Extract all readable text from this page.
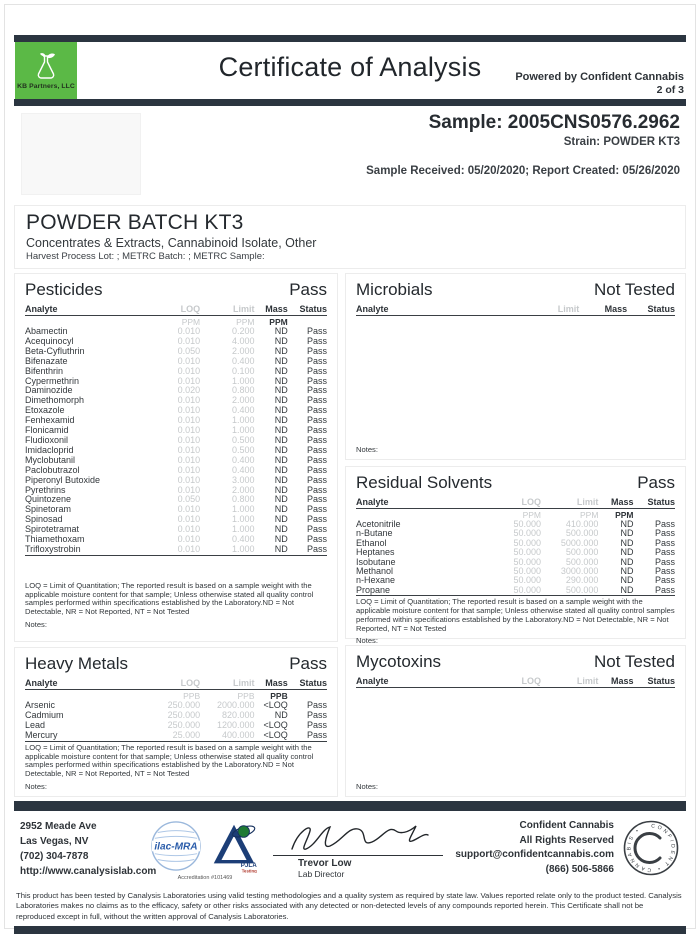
KB Partners, LLC
Certificate of Analysis	Powered by Confident Cannabis
2 of 3
Sample: 2005CNS0576.2962
Strain: POWDER KT3
Sample Received: 05/20/2020; Report Created: 05/26/2020
POWDER BATCH KT3
Concentrates & Extracts, Cannabinoid Isolate, Other
Harvest Process Lot: ; METRC Batch: ; METRC Sample:
Pesticides	Pass
Analyte	LOQ	Limit	Mass	Status
	PPM	PPM	PPM	
Abamectin	0.010	0.200	ND	Pass
Acequinocyl	0.010	4.000	ND	Pass
Beta-Cyfluthrin	0.050	2.000	ND	Pass
Bifenazate	0.010	0.400	ND	Pass
Bifenthrin	0.010	0.100	ND	Pass
Cypermethrin	0.010	1.000	ND	Pass
Daminozide	0.020	0.800	ND	Pass
Dimethomorph	0.010	2.000	ND	Pass
Etoxazole	0.010	0.400	ND	Pass
Fenhexamid	0.010	1.000	ND	Pass
Flonicamid	0.010	1.000	ND	Pass
Fludioxonil	0.010	0.500	ND	Pass
Imidacloprid	0.010	0.500	ND	Pass
Myclobutanil	0.010	0.400	ND	Pass
Paclobutrazol	0.010	0.400	ND	Pass
Piperonyl Butoxide	0.010	3.000	ND	Pass
Pyrethrins	0.010	2.000	ND	Pass
Quintozene	0.050	0.800	ND	Pass
Spinetoram	0.010	1.000	ND	Pass
Spinosad	0.010	1.000	ND	Pass
Spirotetramat	0.010	1.000	ND	Pass
Thiamethoxam	0.010	0.400	ND	Pass
Trifloxystrobin	0.010	1.000	ND	Pass
LOQ = Limit of Quantitation; The reported result is based on a sample weight with the applicable moisture content for that sample; Unless otherwise stated all quality control samples performed within specifications established by the Laboratory.ND = Not Detectable, NR = Not Reported, NT = Not Tested
Notes:
Heavy Metals	Pass
Analyte	LOQ	Limit	Mass	Status
	PPB	PPB	PPB	
Arsenic	250.000	2000.000	<LOQ	Pass
Cadmium	250.000	820.000	ND	Pass
Lead	250.000	1200.000	<LOQ	Pass
Mercury	25.000	400.000	<LOQ	Pass
LOQ = Limit of Quantitation; The reported result is based on a sample weight with the applicable moisture content for that sample; Unless otherwise stated all quality control samples performed within specifications established by the Laboratory.ND = Not Detectable, NR = Not Reported, NT = Not Tested
Notes:
Microbials	Not Tested
Analyte	Limit	Mass	Status
Notes:
Residual Solvents	Pass
Analyte	LOQ	Limit	Mass	Status
	PPM	PPM	PPM	
Acetonitrile	50.000	410.000	ND	Pass
n-Butane	50.000	500.000	ND	Pass
Ethanol	50.000	5000.000	ND	Pass
Heptanes	50.000	500.000	ND	Pass
Isobutane	50.000	500.000	ND	Pass
Methanol	50.000	3000.000	ND	Pass
n-Hexane	50.000	290.000	ND	Pass
Propane	50.000	500.000	ND	Pass
LOQ = Limit of Quantitation; The reported result is based on a sample weight with the applicable moisture content for that sample; Unless otherwise stated all quality control samples performed within specifications established by the Laboratory.ND = Not Detectable, NR = Not Reported, NT = Not Tested
Notes:
Mycotoxins	Not Tested
Analyte	LOQ	Limit	Mass	Status
Notes:
2952 Meade Ave
Las Vegas, NV
(702) 304-7878
http://www.canalysislab.com
ilac-MRA
PJLA
Testing
Accreditation #101469
Trevor Low
Lab Director
Confident Cannabis
All Rights Reserved
support@confidentcannabis.com
(866) 506-5866
CONFIDENT • CANNABIS •
This product has been tested by Canalysis Laboratories using valid testing methodologies and a quality system as required by state law. Values reported relate only to the product tested. Canalysis Laboratories makes no claims as to the efficacy, safety or other risks associated with any detected or non-detected levels of any compounds reported herein. This Certificate shall not be reproduced except in full, without the written approval of Canalysis Laboratories.
